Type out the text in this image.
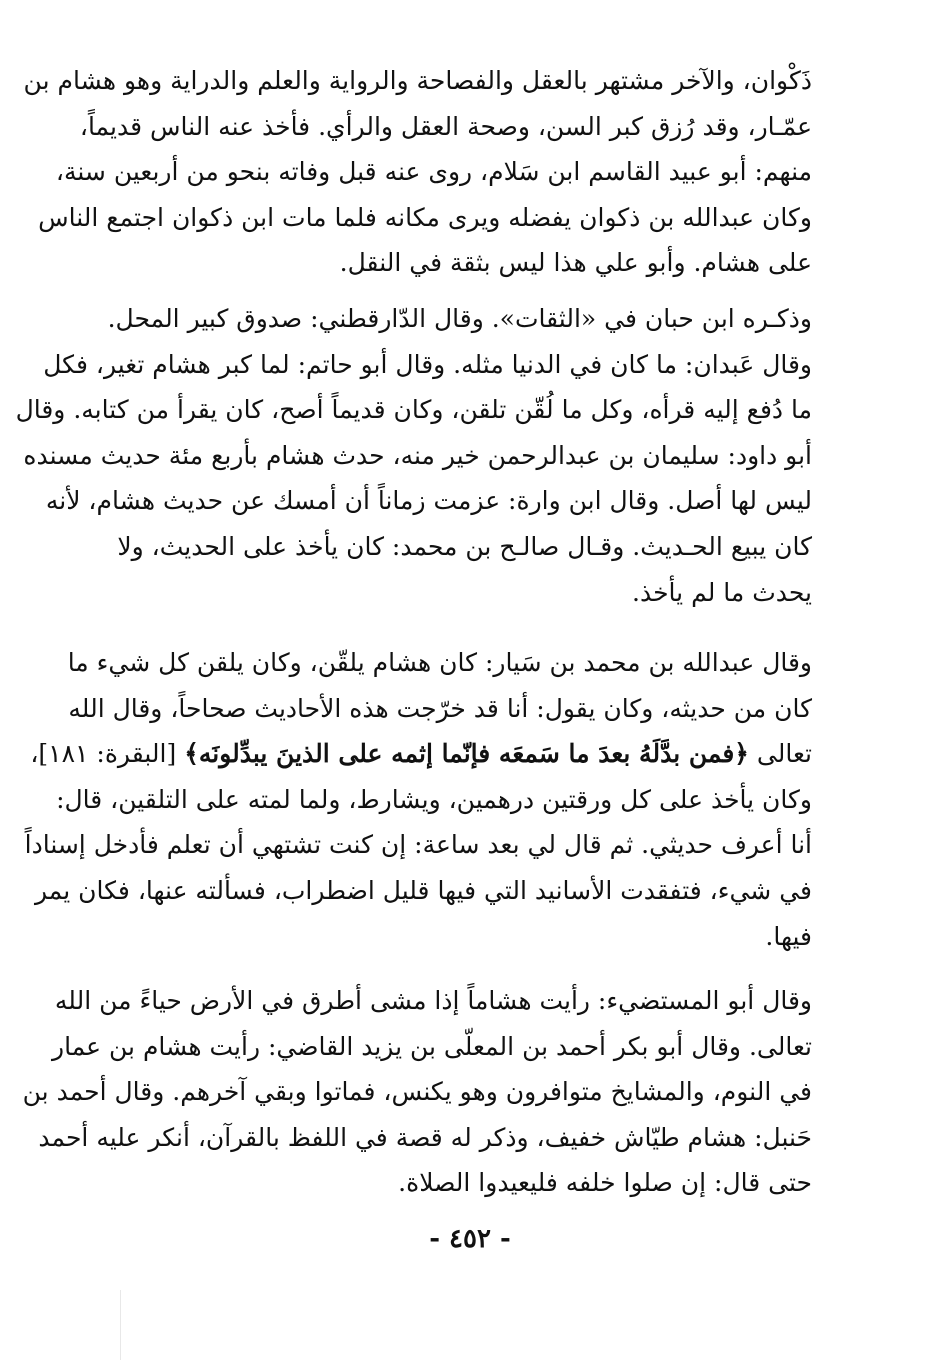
ذَكْوان، والآخر مشتهر بالعقل والفصاحة والرواية والعلم والدراية وهو هشام بن
عمّـار، وقد رُزق كبر السن، وصحة العقل والرأي. فأخذ عنه الناس قديماً،
منهم: أبو عبيد القاسم ابن سَلام، روى عنه قبل وفاته بنحو من أربعين سنة،
وكان عبدالله بن ذكوان يفضله ويرى مكانه فلما مات ابن ذكوان اجتمع الناس
على هشام. وأبو علي هذا ليس بثقة في النقل.
وذكـره ابن حبان في «الثقات». وقال الدّارقطني: صدوق كبير المحل.
وقال عَبدان: ما كان في الدنيا مثله. وقال أبو حاتم: لما كبر هشام تغير، فكل
ما دُفع إليه قرأه، وكل ما لُقّن تلقن، وكان قديماً أصح، كان يقرأ من كتابه. وقال
أبو داود: سليمان بن عبدالرحمن خير منه، حدث هشام بأربع مئة حديث مسنده
ليس لها أصل. وقال ابن وارة: عزمت زماناً أن أمسك عن حديث هشام، لأنه
كان يبيع الحـديث. وقـال صالـح بن محمد: كان يأخذ على الحديث، ولا
يحدث ما لم يأخذ.
وقال عبدالله بن محمد بن سَيار: كان هشام يلقّن، وكان يلقن كل شيء ما
كان من حديثه، وكان يقول: أنا قد خرّجت هذه الأحاديث صحاحاً، وقال الله
تعالى ﴿فمن بدَّلَهُ بعدَ ما سَمعَه فإنّما إثمه على الذينَ يبدِّلونَه﴾ [البقرة: ١٨١]،
وكان يأخذ على كل ورقتين درهمين، ويشارط، ولما لمته على التلقين، قال:
أنا أعرف حديثي. ثم قال لي بعد ساعة: إن كنت تشتهي أن تعلم فأدخل إسناداً
في شيء، فتفقدت الأسانيد التي فيها قليل اضطراب، فسألته عنها، فكان يمر
فيها.
وقال أبو المستضيء: رأيت هشاماً إذا مشى أطرق في الأرض حياءً من الله
تعالى. وقال أبو بكر أحمد بن المعلّى بن يزيد القاضي: رأيت هشام بن عمار
في النوم، والمشايخ متوافرون وهو يكنس، فماتوا وبقي آخرهم. وقال أحمد بن
حَنبل: هشام طيّاش خفيف، وذكر له قصة في اللفظ بالقرآن، أنكر عليه أحمد
حتى قال: إن صلوا خلفه فليعيدوا الصلاة.
- ٤٥٢ -
